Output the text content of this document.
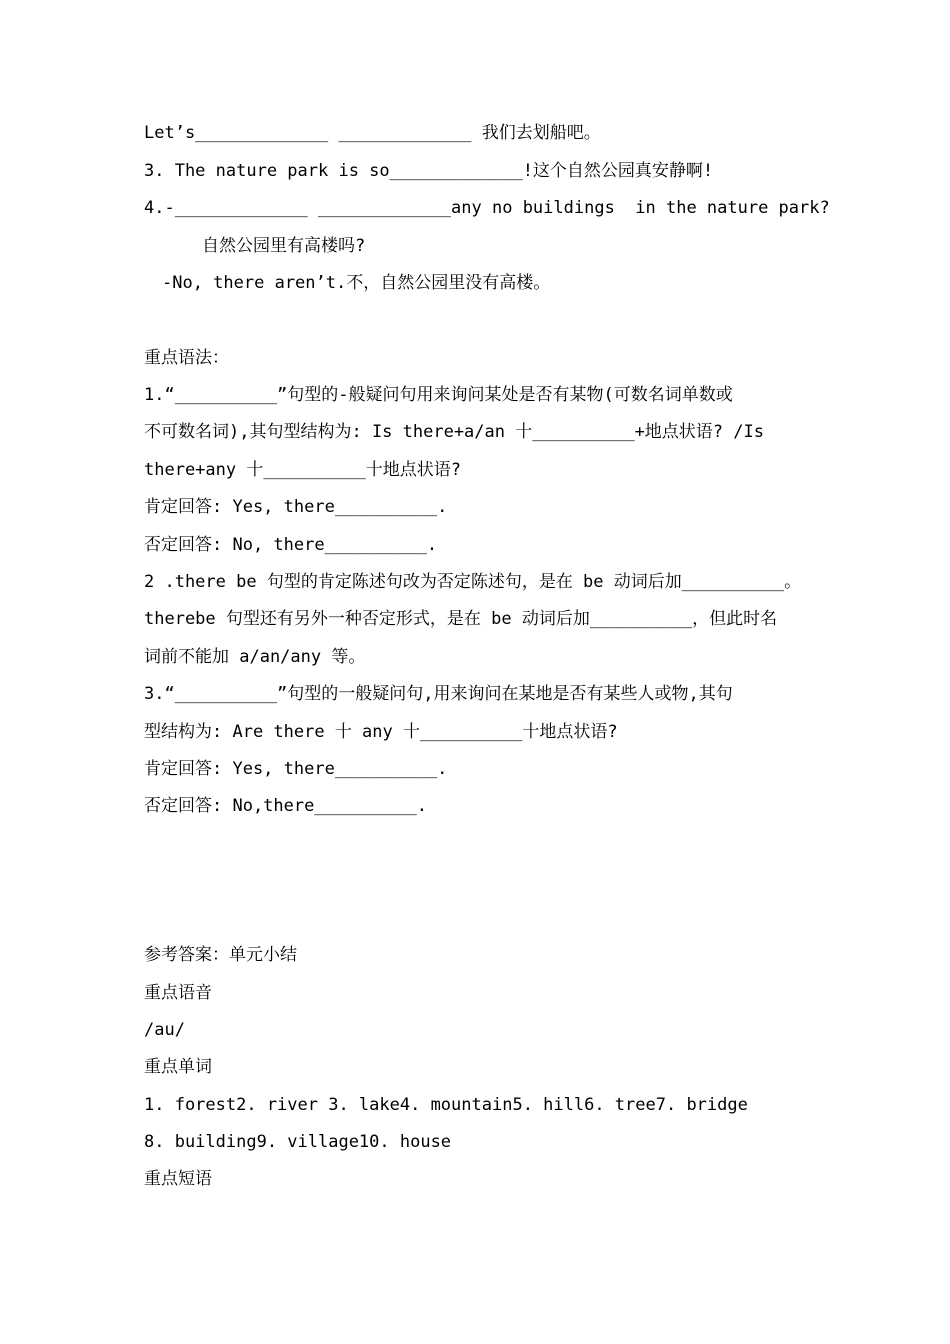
Let’s_____________ _____________ 我们去划船吧。
3. The nature park is so_____________!这个自然公园真安静啊!
4.-_____________ _____________any no buildings  in the nature park?
自然公园里有高楼吗?
-No, there aren’t.不，自然公园里没有高楼。
重点语法：
1.“__________”句型的-般疑问句用来询问某处是否有某物(可数名词单数或
不可数名词),其句型结构为: Is there+a/an 十__________+地点状语? /Is
there+any 十__________十地点状语?
肯定回答: Yes, there__________.
否定回答: No, there__________.
2 .there be 句型的肯定陈述句改为否定陈述句，是在 be 动词后加__________。
therebe 句型还有另外一种否定形式，是在 be 动词后加__________，但此时名
词前不能加 a/an/any 等。
3.“__________”句型的一般疑问句,用来询问在某地是否有某些人或物,其句
型结构为: Are there 十 any 十__________十地点状语?
肯定回答: Yes, there__________.
否定回答: No,there__________.
参考答案：单元小结
重点语音
/au/
重点单词
1. forest2. river 3. lake4. mountain5. hill6. tree7. bridge
8. building9. village10. house
重点短语
